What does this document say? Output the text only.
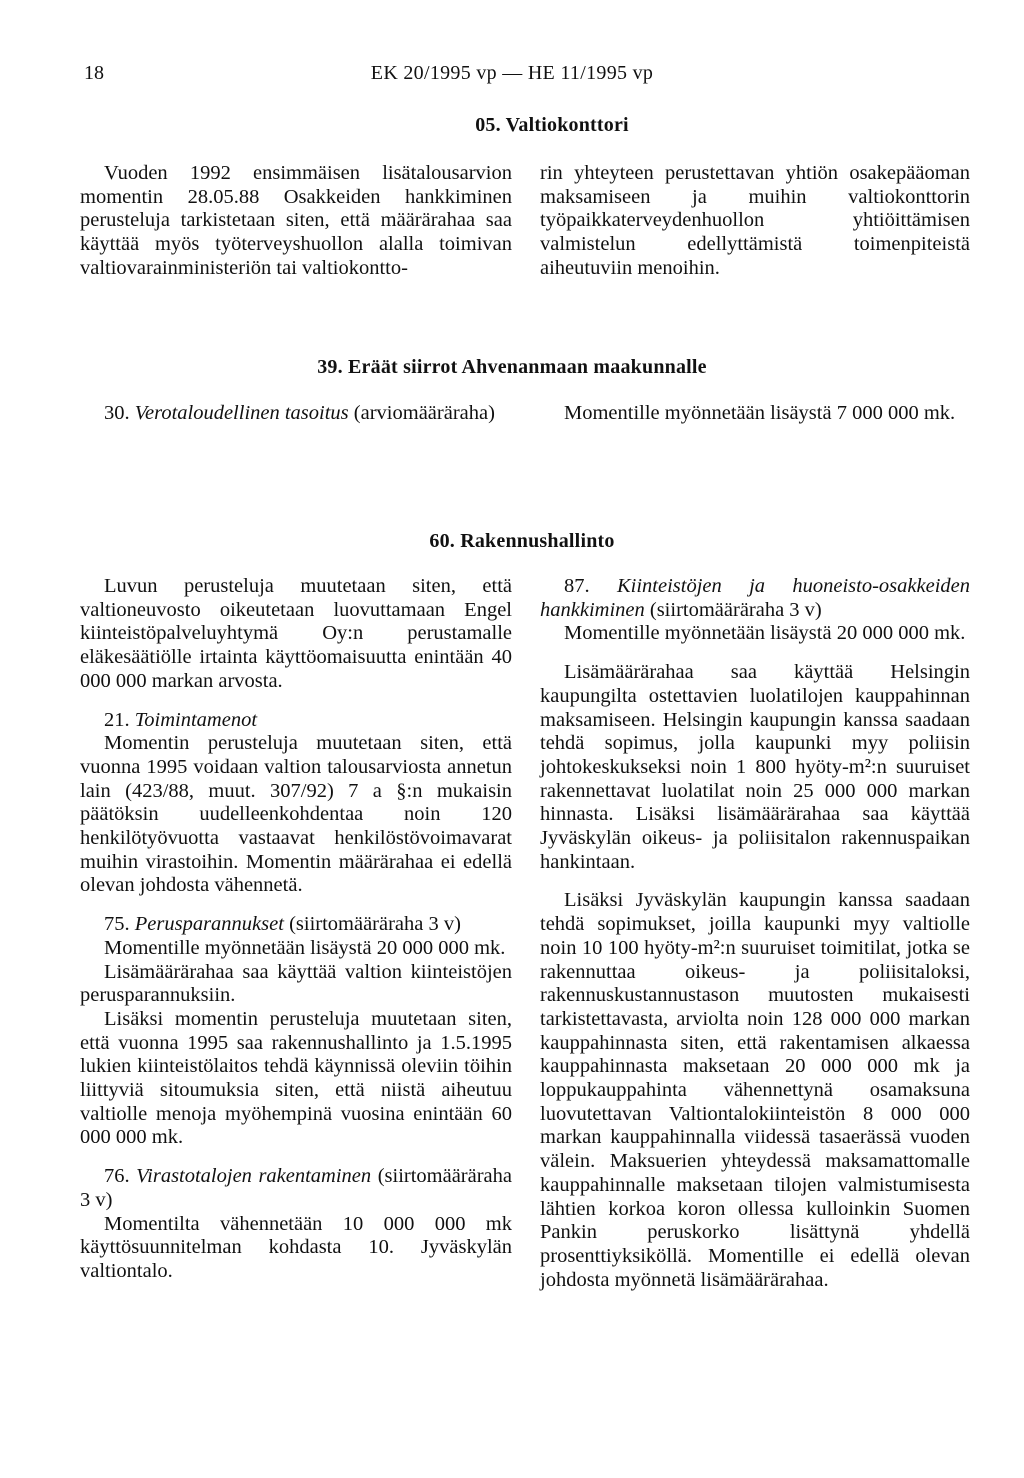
EK 20/1995 vp — HE 11/1995 vp
18
05. Valtiokonttori

Vuoden 1992 ensimmäisen lisätalousarvion momentin 28.05.88 Osakkeiden hankkiminen perusteluja tarkistetaan siten, että määrärahaa saa käyttää myös työterveyshuollon alalla toimivan valtiovarainministeriön tai valtiokontto-

rin yhteyteen perustettavan yhtiön osakepääoman maksamiseen ja muihin valtiokonttorin työpaikkaterveydenhuollon yhtiöittämisen valmistelun edellyttämistä toimenpiteistä aiheutuviin menoihin.

39. Eräät siirrot Ahvenanmaan maakunnalle

30. Verotaloudellinen tasoitus (arviomääräraha)	Momentille myönnetään lisäystä 7 000 000 mk.

60. Rakennushallinto

Luvun perusteluja muutetaan siten, että valtioneuvosto oikeutetaan luovuttamaan Engel kiinteistöpalveluyhtymä Oy:n perustamalle eläkesäätiölle irtainta käyttöomaisuutta enintään 40 000 000 markan arvosta.

21. Toimintamenot

Momentin perusteluja muutetaan siten, että vuonna 1995 voidaan valtion talousarviosta annetun lain (423/88, muut. 307/92) 7 a §:n mukaisin päätöksin uudelleenkohdentaa noin 120 henkilötyövuotta vastaavat henkilöstövoimavarat muihin virastoihin. Momentin määrärahaa ei edellä olevan johdosta vähennetä.

75. Perusparannukset (siirtomääräraha 3 v)

Momentille myönnetään lisäystä 20 000 000 mk.

Lisämäärärahaa saa käyttää valtion kiinteistöjen perusparannuksiin.

Lisäksi momentin perusteluja muutetaan siten, että vuonna 1995 saa rakennushallinto ja 1.5.1995 lukien kiinteistölaitos tehdä käynnissä oleviin töihin liittyviä sitoumuksia siten, että niistä aiheutuu valtiolle menoja myöhempinä vuosina enintään 60 000 000 mk.

76. Virastotalojen rakentaminen (siirtomääräraha 3 v)

Momentilta vähennetään 10 000 000 mk käyttösuunnitelman kohdasta 10. Jyväskylän valtiontalo.

87. Kiinteistöjen ja huoneisto-osakkeiden hankkiminen (siirtomääräraha 3 v)

Momentille myönnetään lisäystä 20 000 000 mk.

Lisämäärärahaa saa käyttää Helsingin kaupungilta ostettavien luolatilojen kauppahinnan maksamiseen. Helsingin kaupungin kanssa saadaan tehdä sopimus, jolla kaupunki myy poliisin johtokeskukseksi noin 1 800 hyöty-m²:n suuruiset rakennettavat luolatilat noin 25 000 000 markan hinnasta. Lisäksi lisämäärärahaa saa käyttää Jyväskylän oikeus- ja poliisitalon rakennuspaikan hankintaan.

Lisäksi Jyväskylän kaupungin kanssa saadaan tehdä sopimukset, joilla kaupunki myy valtiolle noin 10 100 hyöty-m²:n suuruiset toimitilat, jotka se rakennuttaa oikeus- ja poliisitaloksi, rakennuskustannustason muutosten mukaisesti tarkistettavasta, arviolta noin 128 000 000 markan kauppahinnasta siten, että rakentamisen alkaessa kauppahinnasta maksetaan 20 000 000 mk ja loppukauppahinta vähennettynä osamaksuna luovutettavan Valtiontalokiinteistön 8 000 000 markan kauppahinnalla viidessä tasaerässä vuoden välein. Maksuerien yhteydessä maksamattomalle kauppahinnalle maksetaan tilojen valmistumisesta lähtien korkoa koron ollessa kulloinkin Suomen Pankin peruskorko lisättynä yhdellä prosenttiyksiköllä. Momentille ei edellä olevan johdosta myönnetä lisämäärärahaa.
